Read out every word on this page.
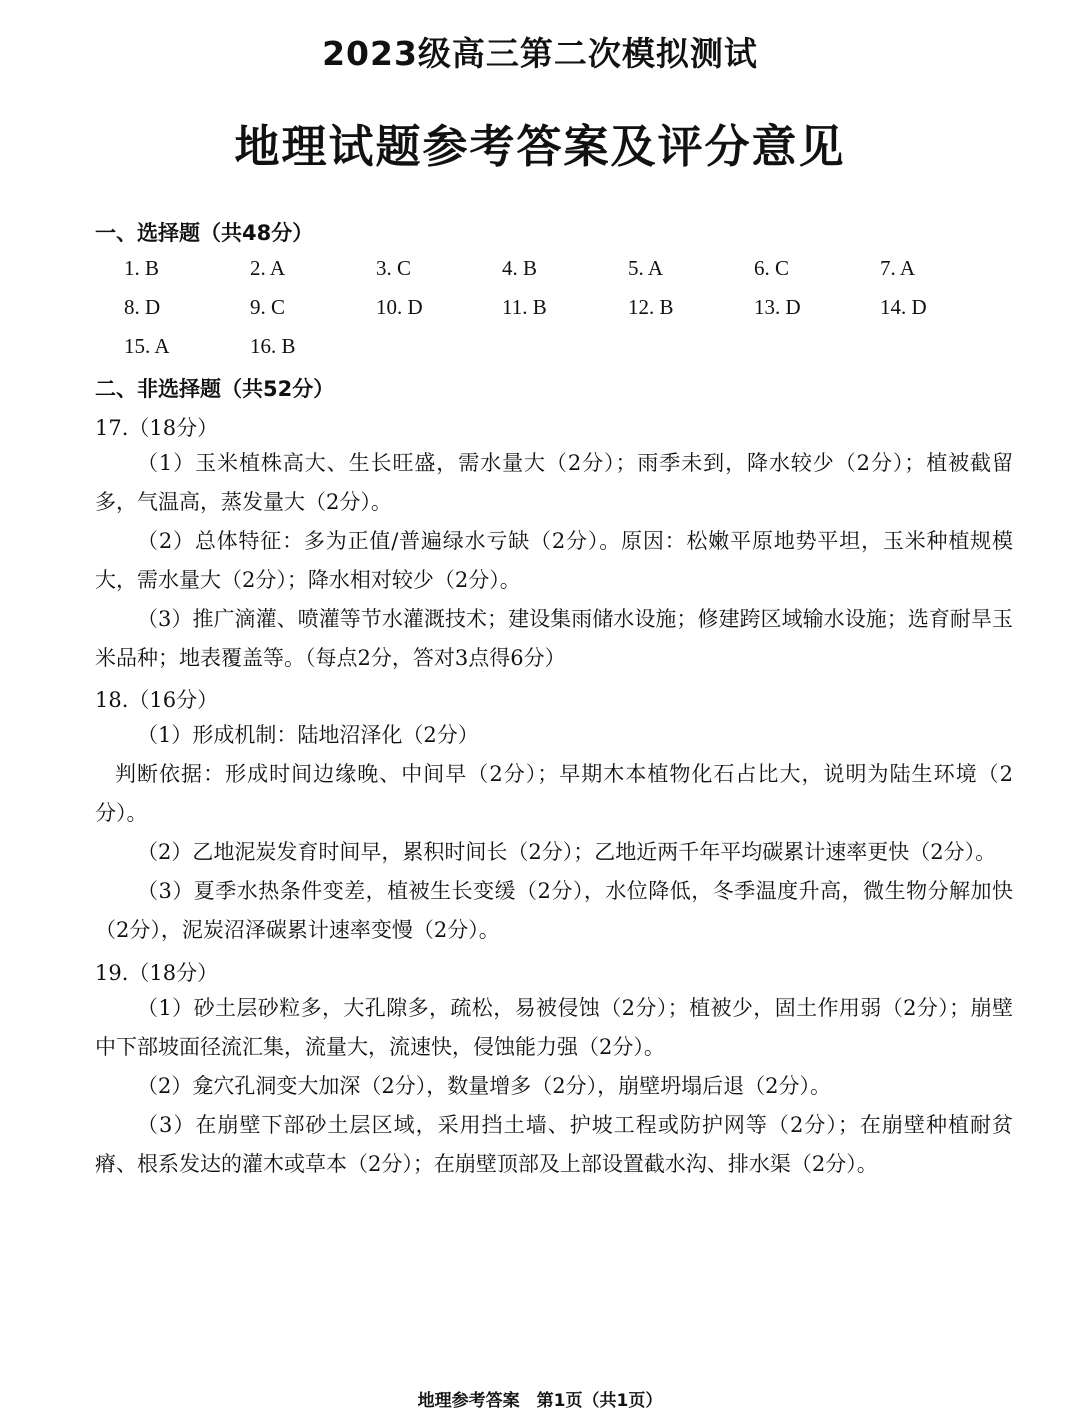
2023级高三第二次模拟测试
地理试题参考答案及评分意见
一、选择题（共48分）
1. B	2. A	3. C	4. B	5. A	6. C	7. A
8. D	9. C	10. D	11. B	12. B	13. D	14. D
15. A	16. B
二、非选择题（共52分）
17.（18分）
（1）玉米植株高大、生长旺盛，需水量大（2分）；雨季未到，降水较少（2分）；植被截留多，气温高，蒸发量大（2分）。
（2）总体特征：多为正值/普遍绿水亏缺（2分）。原因：松嫩平原地势平坦，玉米种植规模大，需水量大（2分）；降水相对较少（2分）。
（3）推广滴灌、喷灌等节水灌溉技术；建设集雨储水设施；修建跨区域输水设施；选育耐旱玉米品种；地表覆盖等。（每点2分，答对3点得6分）
18.（16分）
（1）形成机制：陆地沼泽化（2分）
判断依据：形成时间边缘晚、中间早（2分）；早期木本植物化石占比大，说明为陆生环境（2分）。
（2）乙地泥炭发育时间早，累积时间长（2分）；乙地近两千年平均碳累计速率更快（2分）。
（3）夏季水热条件变差，植被生长变缓（2分），水位降低，冬季温度升高，微生物分解加快（2分），泥炭沼泽碳累计速率变慢（2分）。
19.（18分）
（1）砂土层砂粒多，大孔隙多，疏松，易被侵蚀（2分）；植被少，固土作用弱（2分）；崩壁中下部坡面径流汇集，流量大，流速快，侵蚀能力强（2分）。
（2）龛穴孔洞变大加深（2分），数量增多（2分），崩壁坍塌后退（2分）。
（3）在崩壁下部砂土层区域，采用挡土墙、护坡工程或防护网等（2分）；在崩壁种植耐贫瘠、根系发达的灌木或草本（2分）；在崩壁顶部及上部设置截水沟、排水渠（2分）。
地理参考答案　第1页（共1页）
